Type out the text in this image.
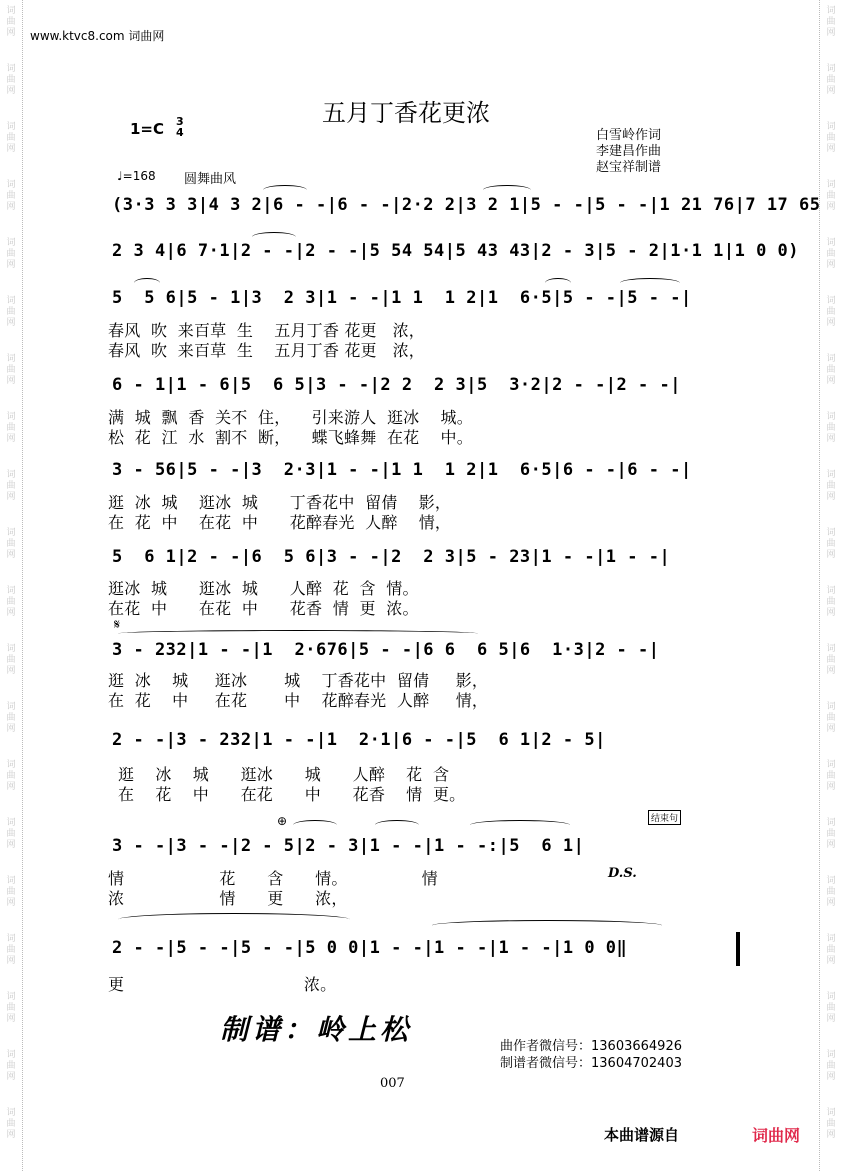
词
曲
网
词
曲
网
词
曲
网
词
曲
网
词
曲
网
词
曲
网
词
曲
网
词
曲
网
词
曲
网
词
曲
网
词
曲
网
词
曲
网
词
曲
网
词
曲
网
词
曲
网
词
曲
网
词
曲
网
词
曲
网
词
曲
网
词
曲
网
词
曲
网
词
曲
网
词
曲
网
词
曲
网
词
曲
网
词
曲
网
词
曲
网
词
曲
网
词
曲
网
词
曲
网
词
曲
网
词
曲
网
词
曲
网
词
曲
网
词
曲
网
词
曲
网
词
曲
网
词
曲
网
词
曲
网
词
曲
网
www.ktvc8.com 词曲网
五月丁香花更浓
1=C 3
4	白雪岭作词
李建昌作曲
赵宝祥制谱
♩=168 圆舞曲风
(3·3 3 3|4 3 2|6 - -|6 - -|2·2 2|3 2 1|5 - -|5 - -|1 21 76|7 17 65
2 3 4|6 7·1|2 - -|2 - -|5 54 54|5 43 43|2 - 3|5 - 2|1·1 1|1 0 0)
5  5 6|5 - 1|3  2 3|1 - -|1 1  1 2|1  6·5|5 - -|5 - -|
春风  吹  来百草  生    五月丁香 花更   浓，
春风  吹  来百草  生    五月丁香 花更   浓，
6 - 1|1 - 6|5  6 5|3 - -|2 2  2 3|5  3·2|2 - -|2 - -|
满  城  飘  香  关不  住，    引来游人  逛冰    城。
松  花  江  水  割不  断，    蝶飞蜂舞  在花    中。
3 - 56|5 - -|3  2·3|1 - -|1 1  1 2|1  6·5|6 - -|6 - -|
逛  冰  城    逛冰  城      丁香花中  留倩    影，
在  花  中    在花  中      花醉春光  人醉    情，
5  6 1|2 - -|6  5 6|3 - -|2  2 3|5 - 23|1 - -|1 - -|
逛冰  城      逛冰  城      人醉  花  含  情。
在花  中      在花  中      花香  情  更  浓。
𝄋
3 - 232|1 - -|1  2·676|5 - -|6 6  6 5|6  1·3|2 - -|
逛  冰    城     逛冰       城    丁香花中  留倩     影，
在  花    中     在花       中    花醉春光  人醉     情，
2 - -|3 - 232|1 - -|1  2·1|6 - -|5  6 1|2 - 5|
逛    冰    城      逛冰      城      人醉    花  含
在    花    中      在花      中      花香    情  更。
⊕	结束句
3 - -|3 - -|2 - 5|2 - 3|1 - -|1 - -:|5  6 1|
D.S.
情                  花      含      情。              情
浓                  情      更      浓，
2 - -|5 - -|5 - -|5 0 0|1 - -|1 - -|1 - -|1 0 0‖
更                                  浓。
制谱：岭上松
曲作者微信号：13603664926
制谱者微信号：13604702403
007
本曲谱源自	词曲网
